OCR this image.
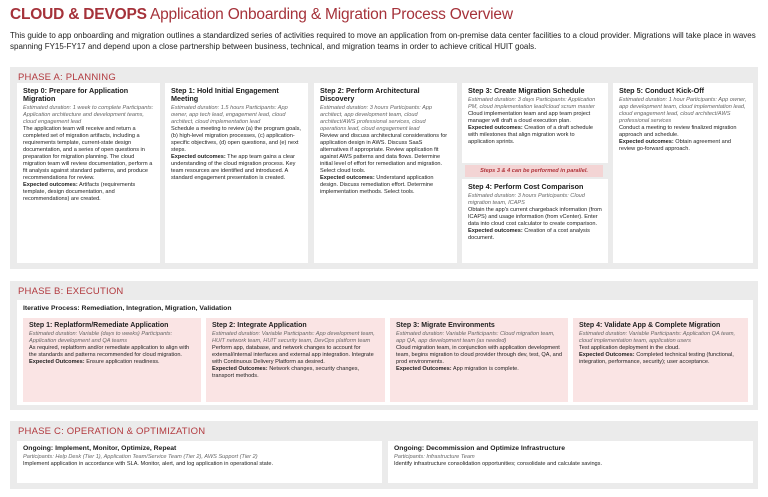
CLOUD & DEVOPS Application Onboarding & Migration Process Overview
This guide to app onboarding and migration outlines a standardized series of activities required to move an application from on-premise data center facilities to a cloud provider. Migrations will take place in waves spanning FY15-FY17 and depend upon a close partnership between business, technical, and migration teams in order to achieve critical HUIT goals.
PHASE A: PLANNING
Step 0: Prepare for Application Migration
Estimated duration: 1 week to complete Participants: Application architecture and development teams, cloud engagement lead
The application team will receive and return a completed set of migration artifacts, including a requirements template, current-state design documentation, and a series of open questions in preparation for migration planning. The cloud migration team will review documentation, perform a fit analysis against standard patterns, and produce recommendations for review.
Expected outcomes: Artifacts (requirements template, design documentation, and recommendations) are created.
Step 1: Hold Initial Engagement Meeting
Estimated duration: 1.5 hours Participants: App owner, app tech lead, engagement lead, cloud architect, cloud implementation lead
Schedule a meeting to review (a) the program goals, (b) high-level migration processes, (c) application-specific objectives, (d) open questions, and (e) next steps.
Expected outcomes: The app team gains a clear understanding of the cloud migration process. Key team resources are identified and introduced. A standard engagement presentation is created.
Step 2: Perform Architectural Discovery
Estimated duration: 3 hours Participants: App architect, app development team, cloud architect/AWS professional services, cloud operations lead, cloud engagement lead
Review and discuss architectural considerations for application design in AWS. Discuss SaaS alternatives if appropriate. Review application fit against AWS patterns and data flows. Determine initial level of effort for remediation and migration. Select cloud tools.
Expected outcomes: Understand application design. Discuss remediation effort. Determine implementation methods. Select tools.
Step 3: Create Migration Schedule
Estimated duration: 3 days Participants: Application PM, cloud implementation lead/cloud scrum master
Cloud implementation team and app team project manager will draft a cloud execution plan.
Expected outcomes: Creation of a draft schedule with milestones that align migration work to application sprints.
Steps 3 & 4 can be performed in parallel.
Step 4: Perform Cost Comparison
Estimated duration: 3 hours Participants: Cloud migration team, ICAPS
Obtain the app's current chargeback information (from ICAPS) and usage information (from vCenter). Enter data into cloud cost calculator to create comparison.
Expected outcomes: Creation of a cost analysis document.
Step 5: Conduct Kick-Off
Estimated duration: 1 hour Participants: App owner, app development team, cloud implementation lead, cloud engagement lead, cloud architect/AWS professional services
Conduct a meeting to review finalized migration approach and schedule.
Expected outcomes: Obtain agreement and review go-forward approach.
PHASE B: EXECUTION
Iterative Process: Remediation, Integration, Migration, Validation
Step 1: Replatform/Remediate Application
Estimated duration: Variable (days to weeks) Participants: Application development and QA teams
As required, replatform and/or remediate application to align with the standards and patterns recommended for cloud migration.
Expected Outcomes: Ensure application readiness.
Step 2: Integrate Application
Estimated duration: Variable Participants: App development team, HUIT network team, HUIT security team, DevOps platform team
Perform app, database, and network changes to account for external/internal interfaces and external app integration. Integrate with Continuous Delivery Platform as desired.
Expected Outcomes: Network changes, security changes, transport methods.
Step 3: Migrate Environments
Estimated duration: Variable Participants: Cloud migration team, app QA, app development team (as needed)
Cloud migration team, in conjunction with application development team, begins migration to cloud provider through dev, test, QA, and prod environments.
Expected Outcomes: App migration is complete.
Step 4: Validate App & Complete Migration
Estimated duration: Variable Participants: Application QA team, cloud implementation team, application users
Test application deployment in the cloud.
Expected Outcomes: Completed technical testing (functional, integration, performance, security); user acceptance.
PHASE C: OPERATION & OPTIMIZATION
Ongoing: Implement, Monitor, Optimize, Repeat
Participants: Help Desk (Tier 1), Application Team/Service Team (Tier 2), AWS Support (Tier 2)
Implement application in accordance with SLA. Monitor, alert, and log application in operational state.
Ongoing: Decommission and Optimize Infrastructure
Participants: Infrastructure Team
Identify infrastructure consolidation opportunities; consolidate and calculate savings.
